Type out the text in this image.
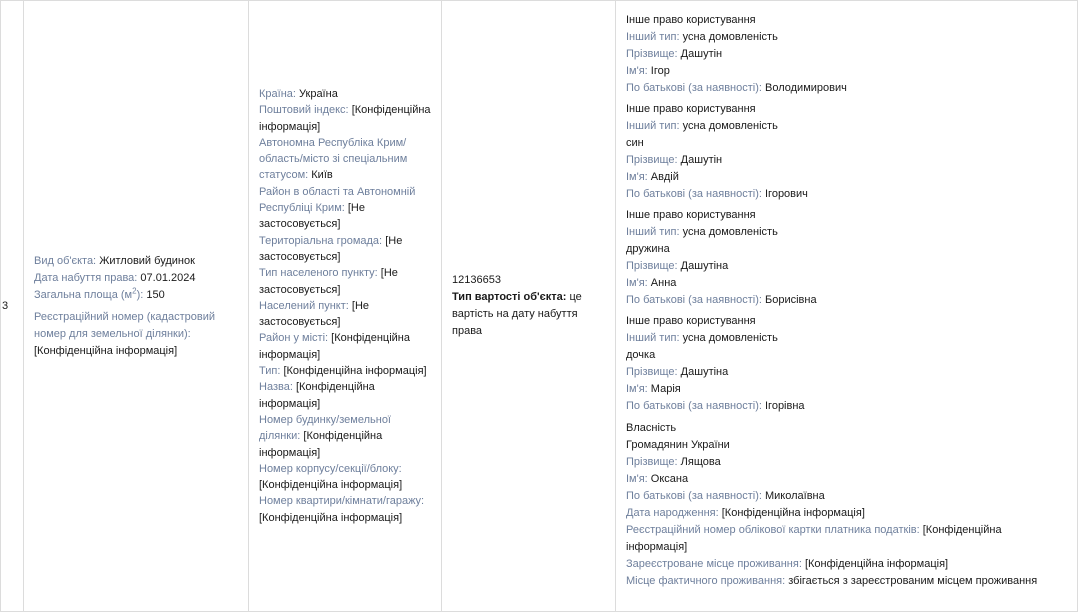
3
Вид об'єкта: Житловий будинок
Дата набуття права: 07.01.2024
Загальна площа $(м^2)$: 150
Реєстраційний номер (кадастровий
номер для земельної ділянки):
[Конфіденційна інформація]
Країна: Україна
Поштовий індекс: [Конфіденційна
інформація]
Автономна Республіка Крим/
область/місто зі спеціальним
статусом: Київ
Район в області та Автономній
Республіці Крим: [Не
застосовується]
Територіальна громада: [Не
застосовується]
Тип населеного пункту: [Не
застосовується]
Населений пункт: [Не
застосовується]
Район у місті: [Конфіденційна
інформація]
Тип: [Конфіденційна інформація]
Назва: [Конфіденційна
інформація]
Номер будинку/земельної
ділянки: [Конфіденційна
інформація]
Номер корпусу/секції/блоку:
[Конфіденційна інформація]
Номер квартири/кімнати/гаражу:
[Конфіденційна інформація]
12136653
Тип вартості об'єкта: це
вартість на дату набуття
права
Інше право користування
Інший тип: усна домовленість
Прізвище: Дашутін
Ім'я: Ігор
По батькові (за наявності): Володимирович
Інше право користування
Інший тип: усна домовленість
син
Прізвище: Дашутін
Ім'я: Авдій
По батькові (за наявності): Ігорович
Інше право користування
Інший тип: усна домовленість
дружина
Прізвище: Дашутіна
Ім'я: Анна
По батькові (за наявності): Борисівна
Інше право користування
Інший тип: усна домовленість
дочка
Прізвище: Дашутіна
Ім'я: Марія
По батькові (за наявності): Ігорівна
Власність
Громадянин України
Прізвище: Лящова
Ім'я: Оксана
По батькові (за наявності): Миколаївна
Дата народження: [Конфіденційна інформація]
Реєстраційний номер облікової картки платника податків: [Конфіденційна
інформація]
Зареєстроване місце проживання: [Конфіденційна інформація]
Місце фактичного проживання: збігається з зареєстрованим місцем проживання
